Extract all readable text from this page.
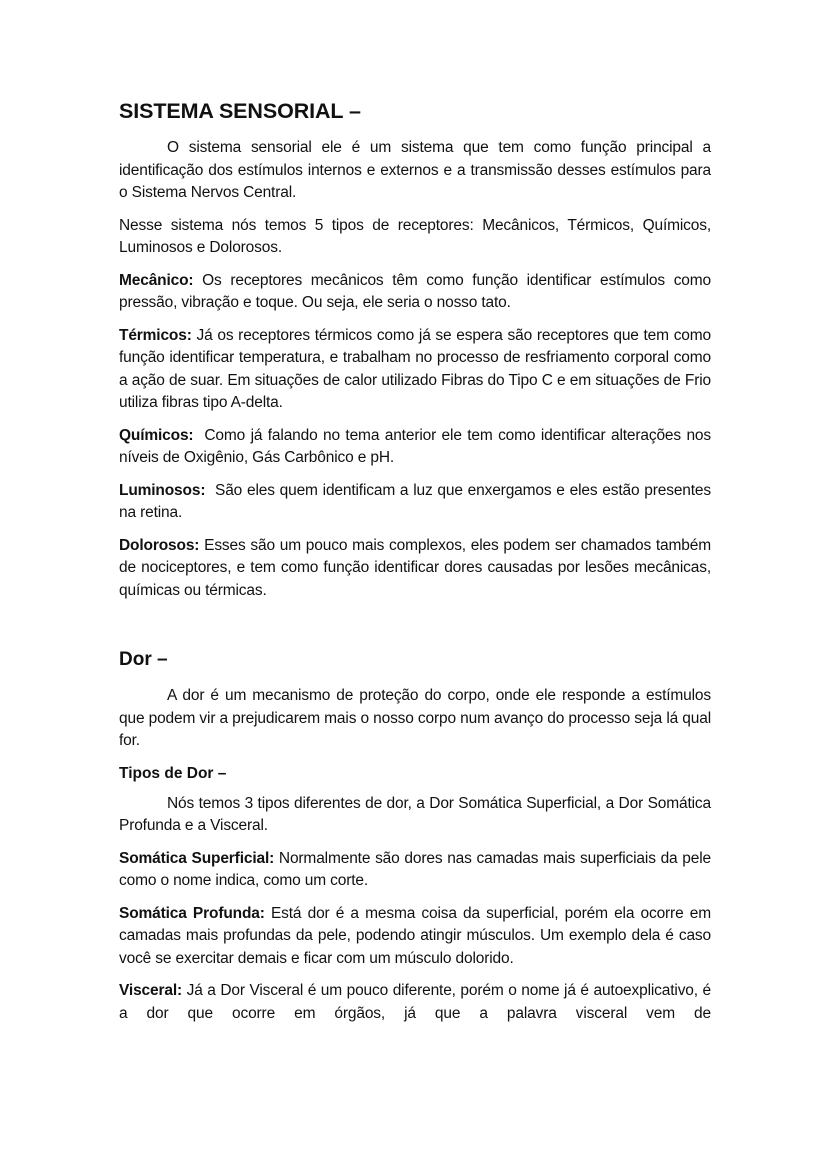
SISTEMA SENSORIAL –

O sistema sensorial ele é um sistema que tem como função principal a identificação dos estímulos internos e externos e a transmissão desses estímulos para o Sistema Nervos Central.

Nesse sistema nós temos 5 tipos de receptores: Mecânicos, Térmicos, Químicos, Luminosos e Dolorosos.

Mecânico: Os receptores mecânicos têm como função identificar estímulos como pressão, vibração e toque. Ou seja, ele seria o nosso tato.

Térmicos: Já os receptores térmicos como já se espera são receptores que tem como função identificar temperatura, e trabalham no processo de resfriamento corporal como a ação de suar. Em situações de calor utilizado Fibras do Tipo C e em situações de Frio utiliza fibras tipo A-delta.

Químicos:  Como já falando no tema anterior ele tem como identificar alterações nos níveis de Oxigênio, Gás Carbônico e pH.

Luminosos:  São eles quem identificam a luz que enxergamos e eles estão presentes na retina.

Dolorosos: Esses são um pouco mais complexos, eles podem ser chamados também de nociceptores, e tem como função identificar dores causadas por lesões mecânicas, químicas ou térmicas.

Dor –

A dor é um mecanismo de proteção do corpo, onde ele responde a estímulos que podem vir a prejudicarem mais o nosso corpo num avanço do processo seja lá qual for.

Tipos de Dor –

Nós temos 3 tipos diferentes de dor, a Dor Somática Superficial, a Dor Somática Profunda e a Visceral.

Somática Superficial: Normalmente são dores nas camadas mais superficiais da pele como o nome indica, como um corte.

Somática Profunda: Está dor é a mesma coisa da superficial, porém ela ocorre em camadas mais profundas da pele, podendo atingir músculos. Um exemplo dela é caso você se exercitar demais e ficar com um músculo dolorido.

Visceral: Já a Dor Visceral é um pouco diferente, porém o nome já é autoexplicativo, é a dor que ocorre em órgãos, já que a palavra visceral vem de
